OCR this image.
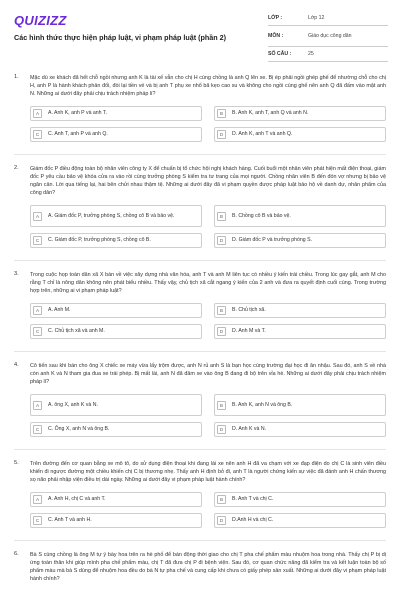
QUIZIZZ
Các hình thức thực hiện pháp luật, vi phạm pháp luật (phần 2)
LỚP :	Lớp 12
MÔN :	Giáo dục công dân
SỐ CÂU :	25
1. Mặc dù xe khách đã hết chỗ ngồi nhưng anh K là tài xế vẫn cho chị H cùng chồng là anh Q lên xe. Bị ép phải ngồi ghép ghế để nhường chỗ cho chị H, anh P là hành khách phản đối, đòi lại tiền vé và bị anh T phụ xe nhổ bã kẹo cao su và không cho ngồi cùng ghế nên anh Q đã đấm vào mặt anh N. Những ai dưới đây phải chịu trách nhiệm pháp lí?
A	A. Anh K, anh P và anh T.	B	B. Anh K, anh T, anh Q và anh N.
C	C. Anh T, anh P và anh Q.	D	D. Anh K, anh T và anh Q.
2. Giám đốc P điều động toàn bộ nhân viên công ty X để chuẩn bị tổ chức hội nghị khách hàng. Cuối buổi một nhân viên phát hiện mất điện thoại, giám đốc P yêu cầu bảo vệ khóa cửa ra vào rồi cùng trưởng phòng S kiểm tra tư trang của mọi người. Chồng nhân viên B đến đón vợ nhưng bị bảo vệ ngăn cản. Lời qua tiếng lại, hai bên chửi nhau thậm tệ. Những ai dưới đây đã vi phạm quyền được pháp luật bảo hộ về danh dự, nhân phẩm của công dân?
A	A. Giám đốc P, trưởng phòng S, chồng cô B và bảo vệ.	B	B. Chồng cô B và bảo vệ.
C	C. Giám đốc P, trưởng phòng S, chồng cô B.	D	D. Giám đốc P và trưởng phòng S.
3. Trong cuộc họp toàn dân xã X bàn về việc xây dựng nhà văn hóa, anh T và anh M liên tục có nhiều ý kiến trái chiều. Trong lúc gay gắt, anh M cho rằng T chỉ là nông dân không nên phát biểu nhiều. Thấy vậy, chủ tịch xã cắt ngang ý kiến của 2 anh và đưa ra quyết định cuối cùng. Trong trường hợp trên, những ai vi phạm pháp luật?
A	A. Anh M.	B	B. Chủ tịch xã.
C	C. Chủ tịch xã và anh M.	D	D. Anh M và T.
4. Cô tiến sau khi bán cho ông X chiếc xe máy vừa lấy trộm được, anh N rủ anh S là bạn học cùng trường đại học đi ăn nhậu. Sau đó, anh S về nhà còn anh K và N tham gia đua xe trái phép. Bị mất lái, anh N đã đâm xe vào ông B đang đi bộ trên vỉa hè. Những ai dưới đây phải chịu trách nhiệm pháp lí?
A	A. ông X, anh K và N.	B	B. Anh K, anh N và ông B.
C	C. Ông X, anh N và ông B.	D	D. Anh K và N.
5. Trên đường đến cơ quan bằng xe mô tô, do sử dụng điện thoại khi đang lái xe nên anh H đã va chạm với xe đạp điện do chị C là sinh viên điều khiển đi ngược đường một chiều khiến chị C bị thương nhẹ. Thấy anh H định bỏ đi, anh T là người chứng kiến sự việc đã đánh anh H chấn thương sọ não phải nhập viện điều trị dài ngày. Những ai dưới đây vi phạm pháp luật hành chính?
A	A. Anh H, chị C và anh T.	B	B. Anh T và chị C.
C	C. Anh T và anh H.	D	D.Anh H và chị C.
6. Bà S cùng chồng là ông M tự ý bày hoa trên ra hè phố để bán động thời giao cho chị T pha chế phẩm màu nhuộm hoa trong nhà. Thấy chị P bị dị ứng toàn thân khi giúp mình pha chế phẩm màu, chị T đã đưa chị P đi bệnh viện. Sau đó, cơ quan chức năng đã kiểm tra và kết luận toàn bộ số phẩm màu mà bà S dùng để nhuộm hoa đều do bà N tự pha chế và cung cấp khi chưa có giấy phép sản xuất. Những ai dưới đây vi phạm pháp luật hành chính?
